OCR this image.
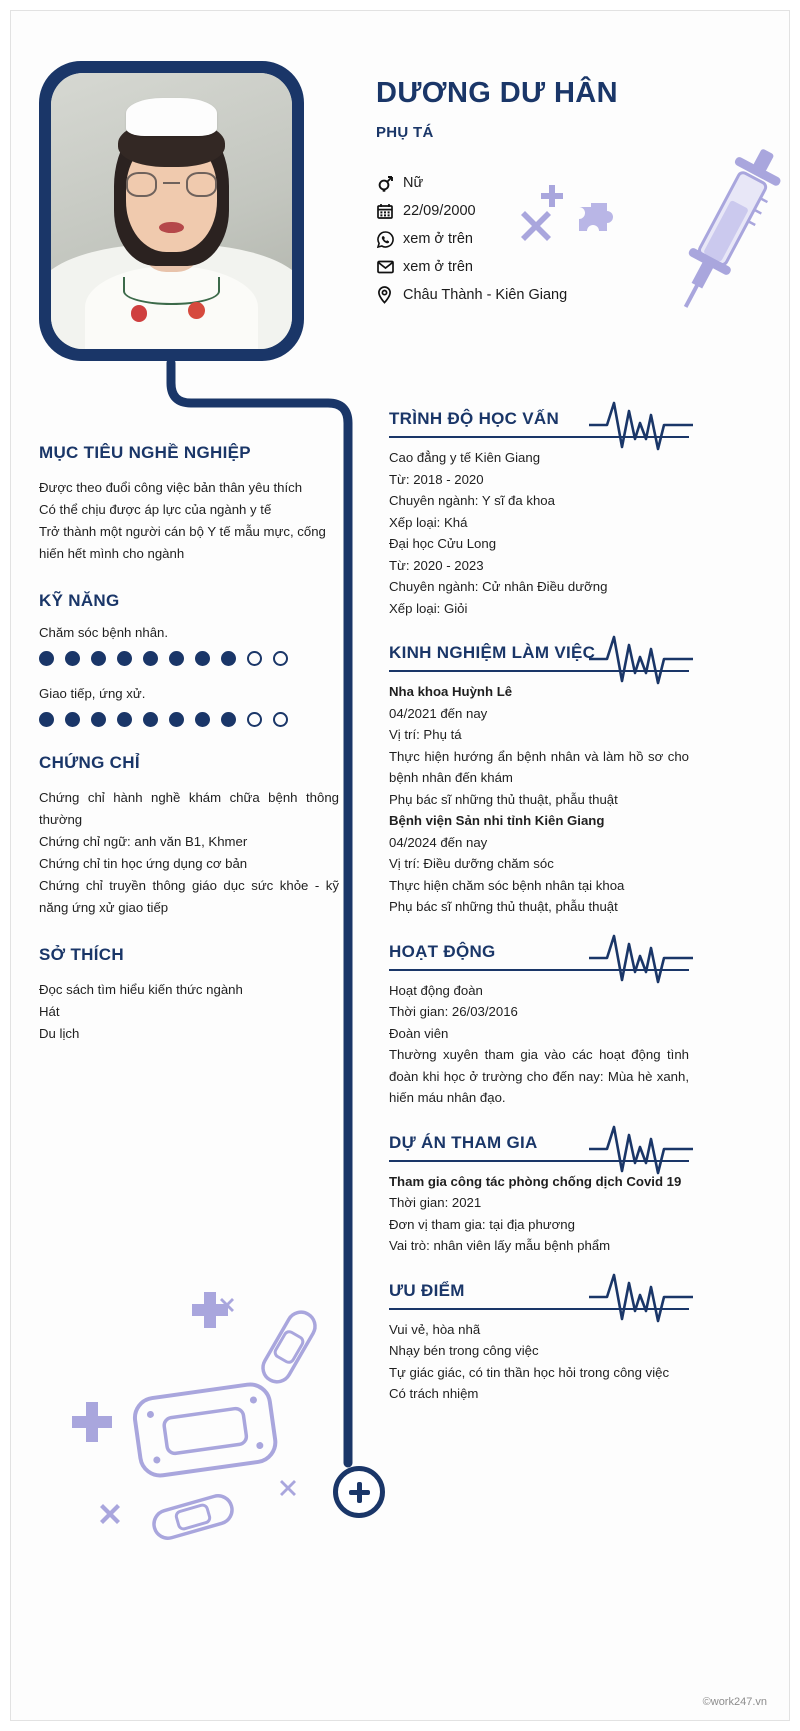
DƯƠNG DƯ HÂN
PHỤ TÁ
Nữ
22/09/2000
xem ở trên
xem ở trên
Châu Thành - Kiên Giang
MỤC TIÊU NGHỀ NGHIỆP
Được theo đuổi công việc bản thân yêu thích
Có thể chịu được áp lực của ngành y tế
Trở thành một người cán bộ Y tế mẫu mực, cống hiến hết mình cho ngành
KỸ NĂNG
Chăm sóc bệnh nhân.
Giao tiếp, ứng xử.
CHỨNG CHỈ
Chứng chỉ hành nghề khám chữa bệnh thông thường
Chứng chỉ ngữ: anh văn B1, Khmer
Chứng chỉ tin học ứng dụng cơ bản
Chứng chỉ truyền thông giáo dục sức khỏe - kỹ năng ứng xử giao tiếp
SỞ THÍCH
Đọc sách tìm hiểu kiến thức ngành
Hát
Du lịch
TRÌNH ĐỘ HỌC VẤN
Cao đẳng y tế Kiên Giang
Từ: 2018 - 2020
Chuyên ngành: Y sĩ đa khoa
Xếp loại: Khá
Đại học Cửu Long
Từ: 2020 - 2023
Chuyên ngành: Cử nhân Điều dưỡng
Xếp loại: Giỏi
KINH NGHIỆM LÀM VIỆC
Nha khoa Huỳnh Lê
04/2021 đến nay
Vị trí: Phụ tá
Thực hiện hướng ẩn bệnh nhân và làm hồ sơ cho bệnh nhân đến khám
Phụ bác sĩ những thủ thuật, phẫu thuật
Bệnh viện Sản nhi tỉnh Kiên Giang
04/2024 đến nay
Vị trí: Điều dưỡng chăm sóc
Thực hiện chăm sóc bệnh nhân tại khoa
Phụ bác sĩ những thủ thuật, phẫu thuật
HOẠT ĐỘNG
Hoạt động đoàn
Thời gian: 26/03/2016
Đoàn viên
Thường xuyên tham gia vào các hoạt động tình đoàn khi học ở trường cho đến nay: Mùa hè xanh, hiến máu nhân đạo.
DỰ ÁN THAM GIA
Tham gia công tác phòng chống dịch Covid 19
Thời gian: 2021
Đơn vị tham gia: tại địa phương
Vai trò: nhân viên lấy mẫu bệnh phẩm
ƯU ĐIỂM
Vui vẻ, hòa nhã
Nhạy bén trong công việc
Tự giác giác, có tin thần học hỏi trong công việc
Có trách nhiệm
©work247.vn
